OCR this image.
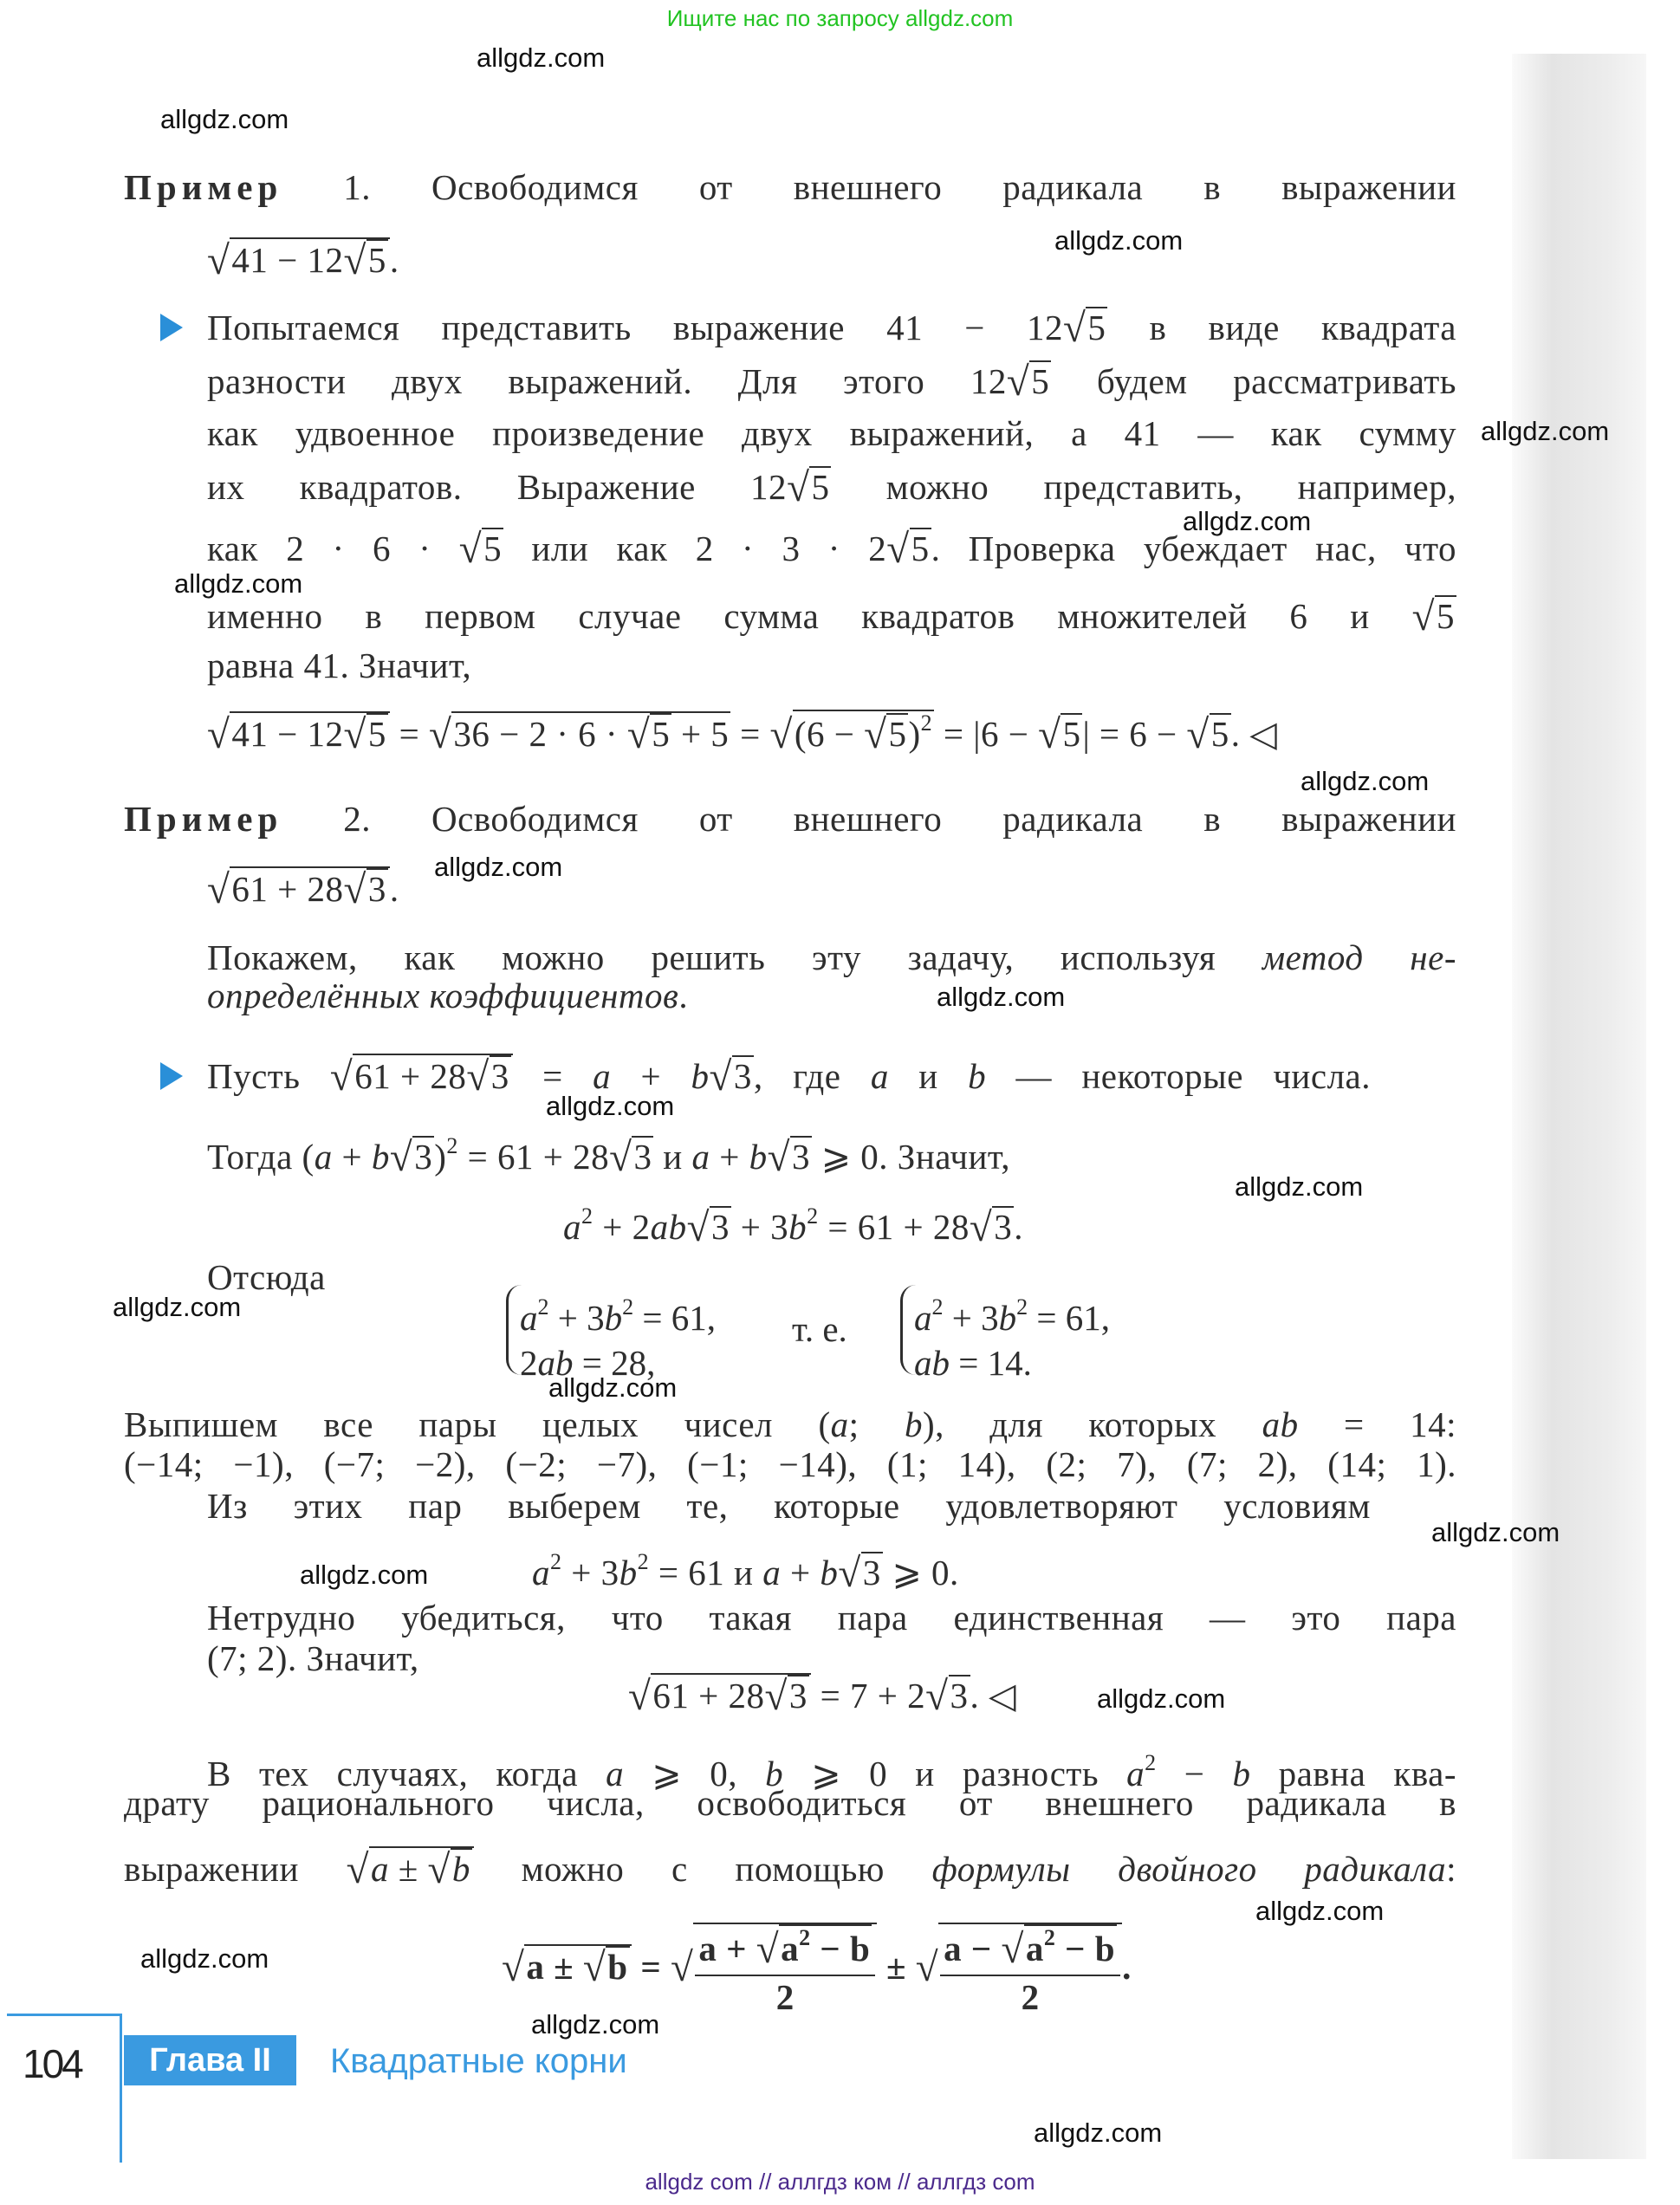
Ищите нас по запросу allgdz.com
Пример 1. Освободимся от внешнего радикала в выражении
√41 − 12√5.
Попытаемся представить выражение 41 − 12√5 в виде квадрата
разности двух выражений. Для этого 12√5 будем рассматривать
как удвоенное произведение двух выражений, а 41 — как сумму
их квадратов. Выражение 12√5 можно представить, например,
как 2 · 6 · √5 или как 2 · 3 · 2√5. Проверка убеждает нас, что
именно в первом случае сумма квадратов множителей 6 и √5
равна 41. Значит,
$√41 - 12√5 = √36 - 2 \cdot 6 \cdot √5 + 5 = √(6 - √5)^2 = |6 - √5| = 6 - √5$. ◁
Пример 2. Освободимся от внешнего радикала в выражении
√61 + 28√3.
Покажем, как можно решить эту задачу, используя метод не-
определённых коэффициентов.
Пусть √61 + 28√3 = a + b√3, где a и b — некоторые числа.
Тогда $(a + b√3)^2 = 61 + 28√3$ и a + b√3 ⩾ 0. Значит,
$a^2 + 2ab√3 + 3b^2 = 61 + 28√3$.
Отсюда
Выпишем все пары целых чисел (a; b), для которых ab = 14:
(−14; −1), (−7; −2), (−2; −7), (−1; −14), (1; 14), (2; 7), (7; 2), (14; 1).
Из этих пар выберем те, которые удовлетворяют условиям
$a^2 + 3b^2 = 61$ и a + b√3 ⩾ 0.
Нетрудно убедиться, что такая пара единственная — это пара
(7; 2). Значит,
√61 + 28√3 = 7 + 2√3. ◁
В тех случаях, когда a ⩾ 0, b ⩾ 0 и разность $a^2 - b$ равна ква-
драту рационального числа, освободиться от внешнего радикала в
выражении √a ± √b можно с помощью формулы двойного радикала:
√a ± √b = √ $\frac{a + √a^2 - b}{2}$ ± √ $\frac{a - √a^2 - b}{2}$ .
$a^2 + 3b^2 = 61$,
2ab = 28,
т. е. $a^2 + 3b^2 = 61$,
ab = 14.
allgdz.com
allgdz.com
allgdz.com
allgdz.com
allgdz.com
allgdz.com
allgdz.com
allgdz.com
allgdz.com
allgdz.com
allgdz.com
allgdz.com
allgdz.com
allgdz.com
allgdz.com
allgdz.com
allgdz.com
allgdz.com
allgdz.com
allgdz.com
104	Глава II	Квадратные корни
allgdz com // аллгдз ком // аллгдз com
